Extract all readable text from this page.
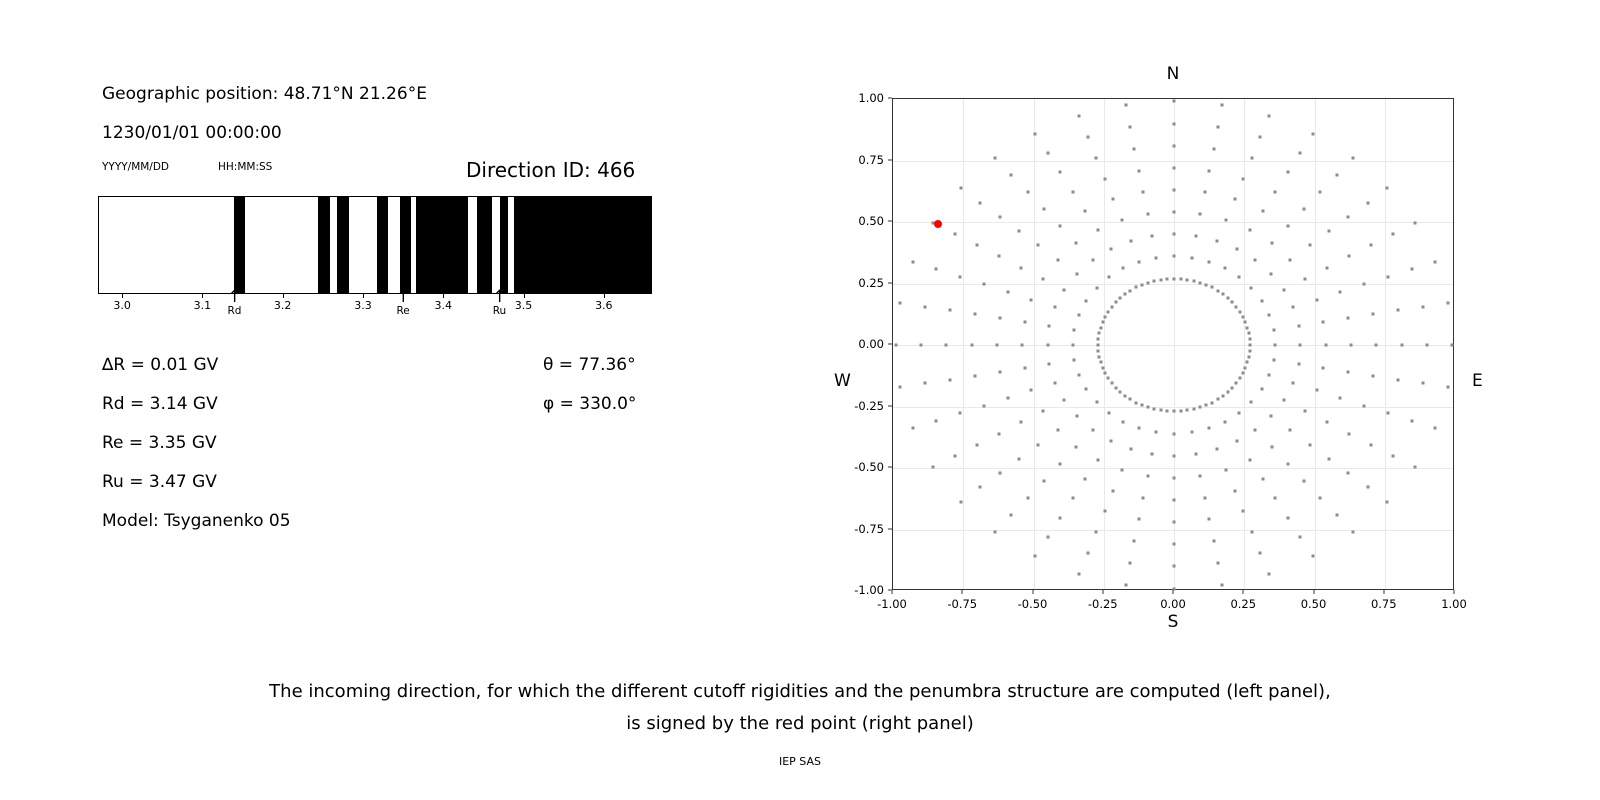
Geographic position: 48.71°N 21.26°E
1230/01/01 00:00:00
YYYY/MM/DD	HH:MM:SS	Direction ID: 466
3.0	3.1	3.2	3.3	3.4	3.5	3.6
↑
Rd
↑
Re
↑
Ru
∆R = 0.01 GV
Rd = 3.14 GV
Re = 3.35 GV
Ru = 3.47 GV
Model: Tsyganenko 05
θ = 77.36°
φ = 330.0°
N
S
W	E
-1.00
-0.75
-0.50
-0.25
0.00
0.25
0.50
0.75
1.00
-1.00	-0.75	-0.50	-0.25	0.00	0.25	0.50	0.75	1.00
The incoming direction, for which the different cutoff rigidities and the penumbra structure are computed (left panel),
is signed by the red point (right panel)
IEP SAS
